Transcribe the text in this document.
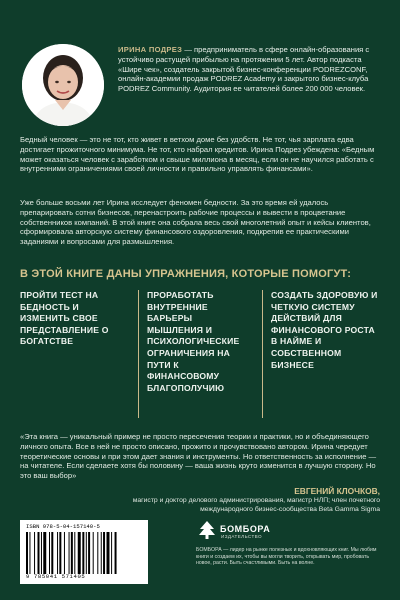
ИРИНА ПОДРЕЗ — предприниматель в сфере онлайн-образования с устойчиво растущей прибылью на протяжении 5 лет. Автор подкаста «Шире чек», создатель закрытой бизнес-конференции PODREZCONF, онлайн-академии продаж PODREZ Academy и закрытого бизнес-клуба PODREZ Community. Аудитория ее читателей более 200 000 человек.

Бедный человек — это не тот, кто живет в ветхом доме без удобств. Не тот, чья зарплата едва достигает прожиточного минимума. Не тот, кто набрал кредитов. Ирина Подрез убеждена: «Бедным может оказаться человек с заработком и свыше миллиона в месяц, если он не научился работать с внутренними ограничениями своей личности и правильно управлять финансами».

Уже больше восьми лет Ирина исследует феномен бедности. За это время ей удалось препарировать сотни бизнесов, перенастроить рабочие процессы и вывести в процветание собственников компаний. В этой книге она собрала весь свой многолетний опыт и кейсы клиентов, сформировала авторскую систему финансового оздоровления, подкрепив ее практическими заданиями и вопросами для размышления.

В ЭТОЙ КНИГЕ ДАНЫ УПРАЖНЕНИЯ, КОТОРЫЕ ПОМОГУТ:
ПРОЙТИ ТЕСТ НА БЕДНОСТЬ И ИЗМЕНИТЬ СВОЕ ПРЕДСТАВЛЕНИЕ О БОГАТСТВЕ
ПРОРАБОТАТЬ ВНУТРЕННИЕ БАРЬЕРЫ МЫШЛЕНИЯ И ПСИХОЛОГИЧЕСКИЕ ОГРАНИЧЕНИЯ НА ПУТИ К ФИНАНСОВОМУ БЛАГОПОЛУЧИЮ
СОЗДАТЬ ЗДОРОВУЮ И ЧЕТКУЮ СИСТЕМУ ДЕЙСТВИЙ ДЛЯ ФИНАНСОВОГО РОСТА В НАЙМЕ И СОБСТВЕННОМ БИЗНЕСЕ

«Эта книга — уникальный пример не просто пересечения теории и практики, но и объединяющего личного опыта. Все в ней не просто описано, прожито и прочувствовано автором. Ирина чередует теоретические основы и при этом дает знания и инструменты. Но ответственность за исполнение — на читателе. Если сделаете хотя бы половину — ваша жизнь круто изменится в лучшую сторону. Но это ваш выбор»

ЕВГЕНИЙ КЛОЧКОВ,
магистр и доктор делового администрирования, магистр НЛП; член почетного международного бизнес-сообщества Beta Gamma Sigma
ISBN 978-5-04-157140-5
9 785041 571405
БОМБОРА
ИЗДАТЕЛЬСТВО

БОМБОРА — лидер на рынке полезных и вдохновляющих книг. Мы любим книги и создаем их, чтобы вы могли творить, открывать мир, пробовать новое, расти. Быть счастливыми. Быть на волне.
